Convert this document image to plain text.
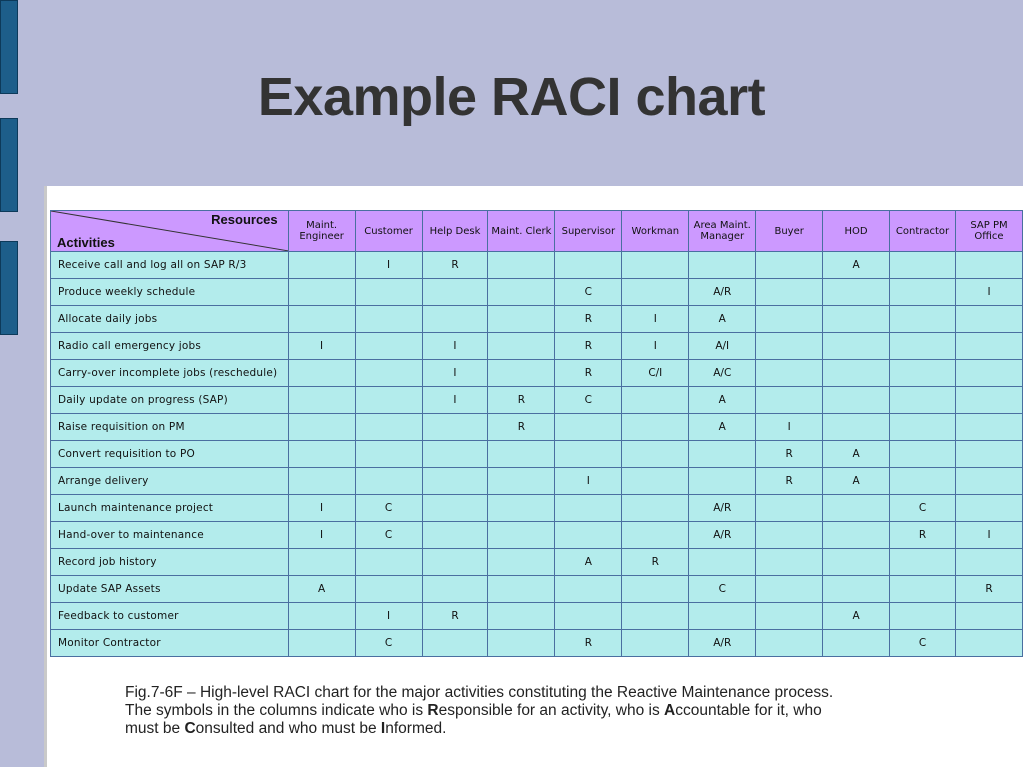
Example RACI chart
Resources
Activities	Maint. Engineer	Customer	Help Desk	Maint. Clerk	Supervisor	Workman	Area Maint. Manager	Buyer	HOD	Contractor	SAP PM Office
Receive call and log all on SAP R/3		I	R						A		
Produce weekly schedule					C		A/R				I
Allocate daily jobs					R	I	A				
Radio call emergency jobs	I		I		R	I	A/I				
Carry-over incomplete jobs (reschedule)			I		R	C/I	A/C				
Daily update on progress (SAP)			I	R	C		A				
Raise requisition on PM				R			A	I			
Convert requisition to PO								R	A		
Arrange delivery					I			R	A		
Launch maintenance project	I	C					A/R			C	
Hand-over to maintenance	I	C					A/R			R	I
Record job history					A	R					
Update SAP Assets	A						C				R
Feedback to customer		I	R						A		
Monitor Contractor		C			R		A/R			C	

Fig.7-6F – High-level RACI chart for the major activities constituting the Reactive Maintenance process.

The symbols in the columns indicate who is Responsible for an activity, who is Accountable for it, who

must be Consulted and who must be Informed.
